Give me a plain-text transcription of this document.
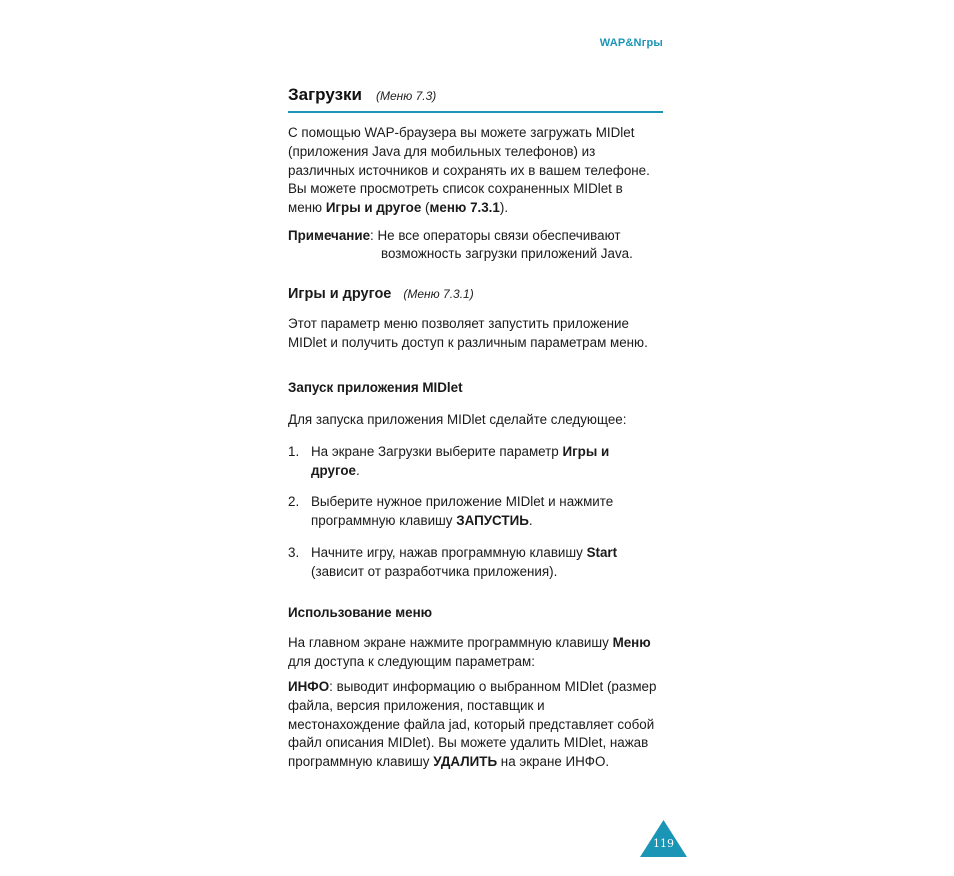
WAP&Nгры
Загрузки (Меню 7.3)

С помощью WAP-браузера вы можете загружать MIDlet
(приложения Java для мобильных телефонов) из
различных источников и сохранять их в вашем телефоне.
Вы можете просмотреть список сохраненных MIDlet в
меню Игры и другое (меню 7.3.1).

Примечание: Не все операторы связи обеспечивают

возможность загрузки приложений Java.
Игры и другое (Меню 7.3.1)

Этот параметр меню позволяет запустить приложение
MIDlet и получить доступ к различным параметрам меню.

Запуск приложения MIDlet

Для запуска приложения MIDlet сделайте следующее:

1. На экране Загрузки выберите параметр Игры и
другое.

2. Выберите нужное приложение MIDlet и нажмите
программную клавишу ЗАПУСТИЬ.

3. Начните игру, нажав программную клавишу Start
(зависит от разработчика приложения).

Использование меню

На главном экране нажмите программную клавишу Меню
для доступа к следующим параметрам:

ИНФО: выводит информацию о выбранном MIDlet (размер
файла, версия приложения, поставщик и
местонахождение файла jad, который представляет собой
файл описания MIDlet). Вы можете удалить MIDlet, нажав
программную клавишу УДАЛИТЬ на экране ИНФО.

119
